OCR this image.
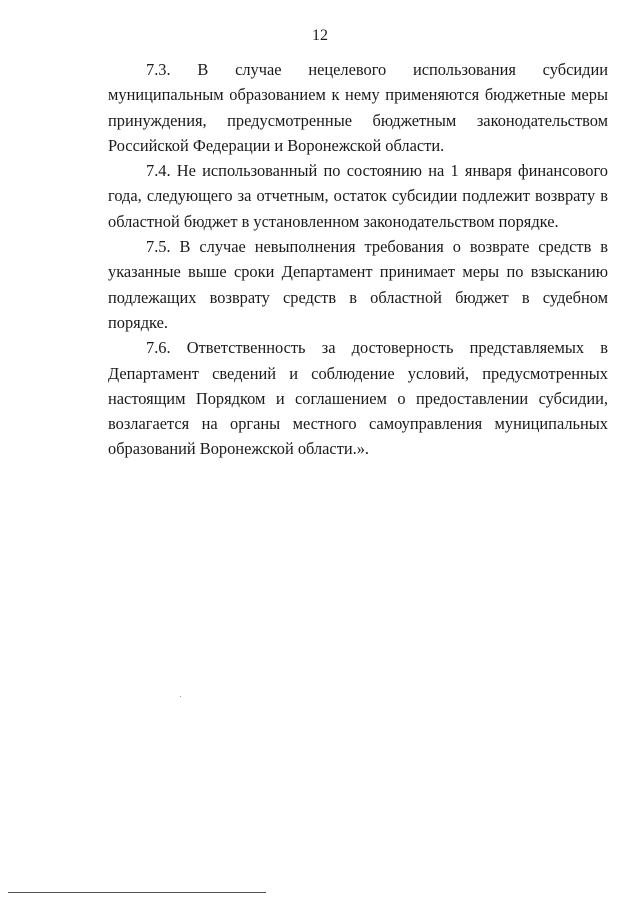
12

7.3. В случае нецелевого использования субсидии муниципальным образованием к нему применяются бюджетные меры принуждения, предусмотренные бюджетным законодательством Российской Федерации и Воронежской области.

7.4. Не использованный по состоянию на 1 января финансового года, следующего за отчетным, остаток субсидии подлежит возврату в областной бюджет в установленном законодательством порядке.

7.5. В случае невыполнения требования о возврате средств в указанные выше сроки Департамент принимает меры по взысканию подлежащих возврату средств в областной бюджет в судебном порядке.

7.6. Ответственность за достоверность представляемых в Департамент сведений и соблюдение условий, предусмотренных настоящим Порядком и соглашением о предоставлении субсидии, возлагается на органы местного самоуправления муниципальных образований Воронежской области.».
